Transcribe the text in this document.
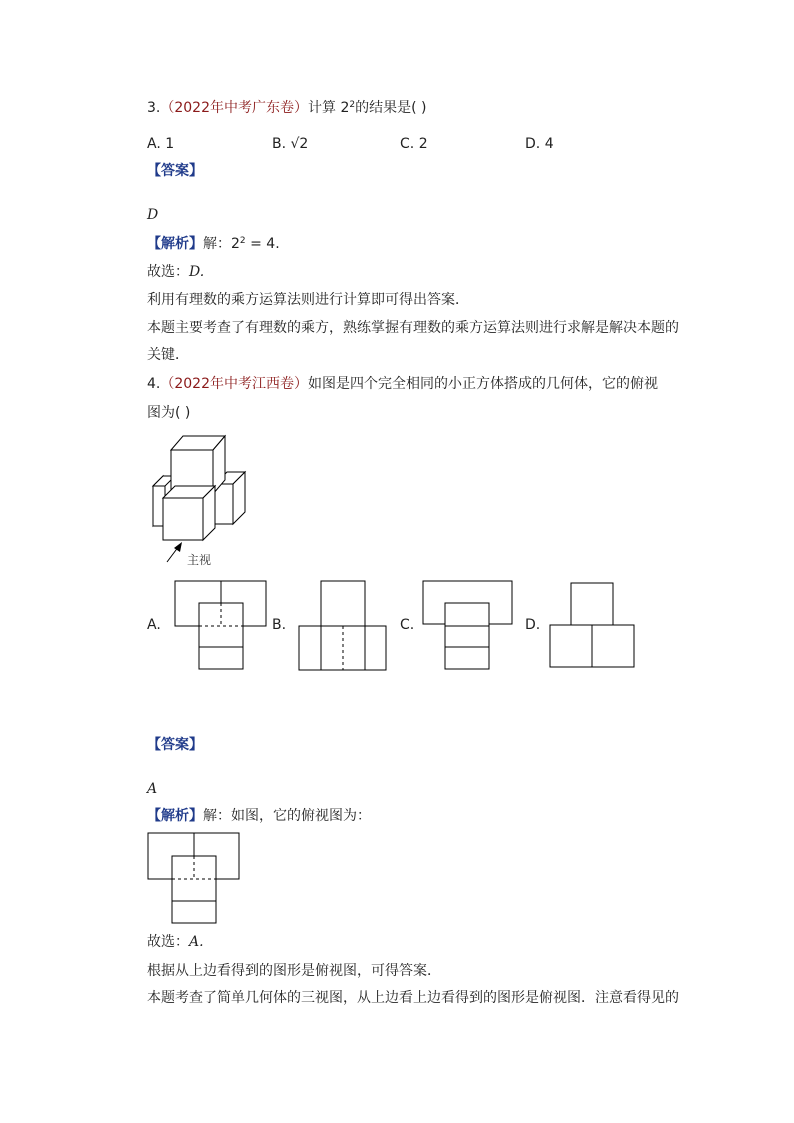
3.（2022年中考广东卷）计算 $2^2$的结果是( )
A. 1	B. √2	C. 2	D. 4
【答案】
D
【解析】解：$2^2 = 4$.
故选：D.
利用有理数的乘方运算法则进行计算即可得出答案．
本题主要考查了有理数的乘方，熟练掌握有理数的乘方运算法则进行求解是解决本题的
关键．
4.（2022年中考江西卷）如图是四个完全相同的小正方体搭成的几何体，它的俯视
图为( )
主视
A.	B.	C.	D.
【答案】
A
【解析】解：如图，它的俯视图为：
故选：A.
根据从上边看得到的图形是俯视图，可得答案．
本题考查了简单几何体的三视图，从上边看上边看得到的图形是俯视图．注意看得见的
